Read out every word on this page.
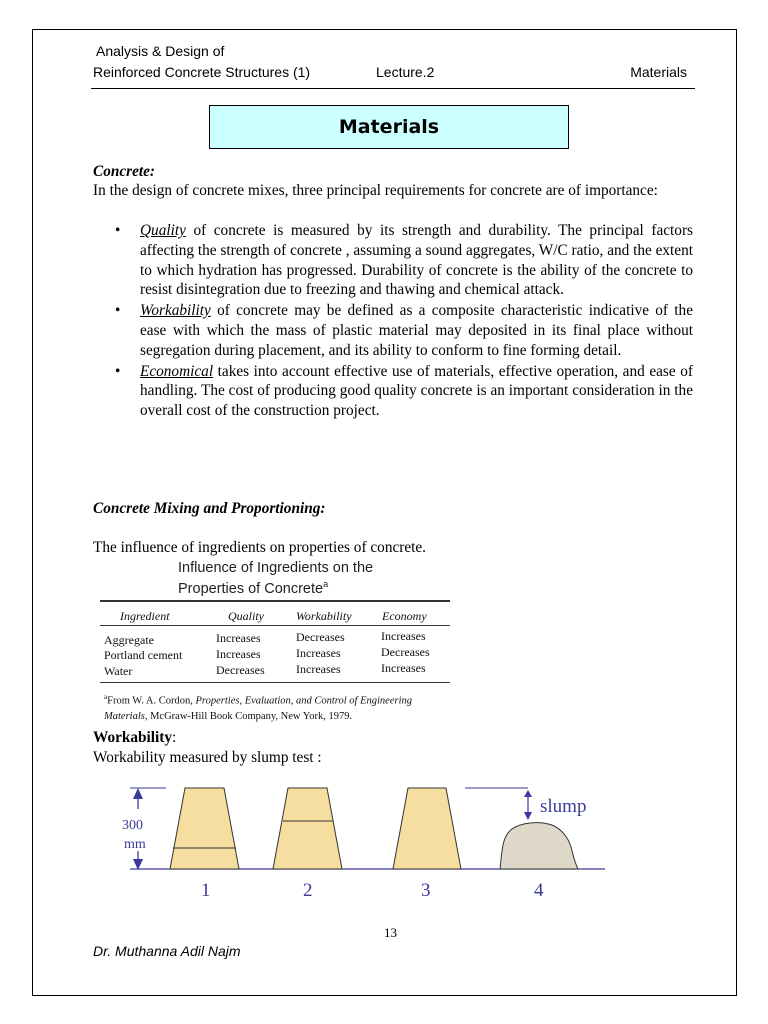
Analysis & Design of
Reinforced Concrete Structures (1)	Lecture.2	Materials
Materials
Concrete:
In the design of concrete mixes, three principal requirements for concrete are of importance:
• Quality of concrete is measured by its strength and durability. The principal factors affecting the strength of concrete , assuming a sound aggregates, W/C ratio, and the extent to which hydration has progressed. Durability of concrete is the ability of the concrete to resist disintegration due to freezing and thawing and chemical attack.
• Workability of concrete may be defined as a composite characteristic indicative of the ease with which the mass of plastic material may deposited in its final place without segregation during placement, and its ability to conform to fine forming detail.
• Economical takes into account effective use of materials, effective operation, and ease of handling. The cost of producing good quality concrete is an important consideration in the overall cost of the construction project.
Concrete Mixing and Proportioning:
The influence of ingredients on properties of concrete.
Influence of Ingredients on the
Properties of Concrete$^a$
Ingredient	Quality	Workability	Economy
Aggregate	Increases	Decreases	Increases
Portland cement	Increases	Increases	Decreases
Water	Decreases	Increases	Increases
$^a$From W. A. Cordon, Properties, Evaluation, and Control of Engineering Materials, McGraw-Hill Book Company, New York, 1979.
Workability:
Workability measured by slump test :
300
mm
slump
1	2	3	4
13
Dr. Muthanna Adil Najm
